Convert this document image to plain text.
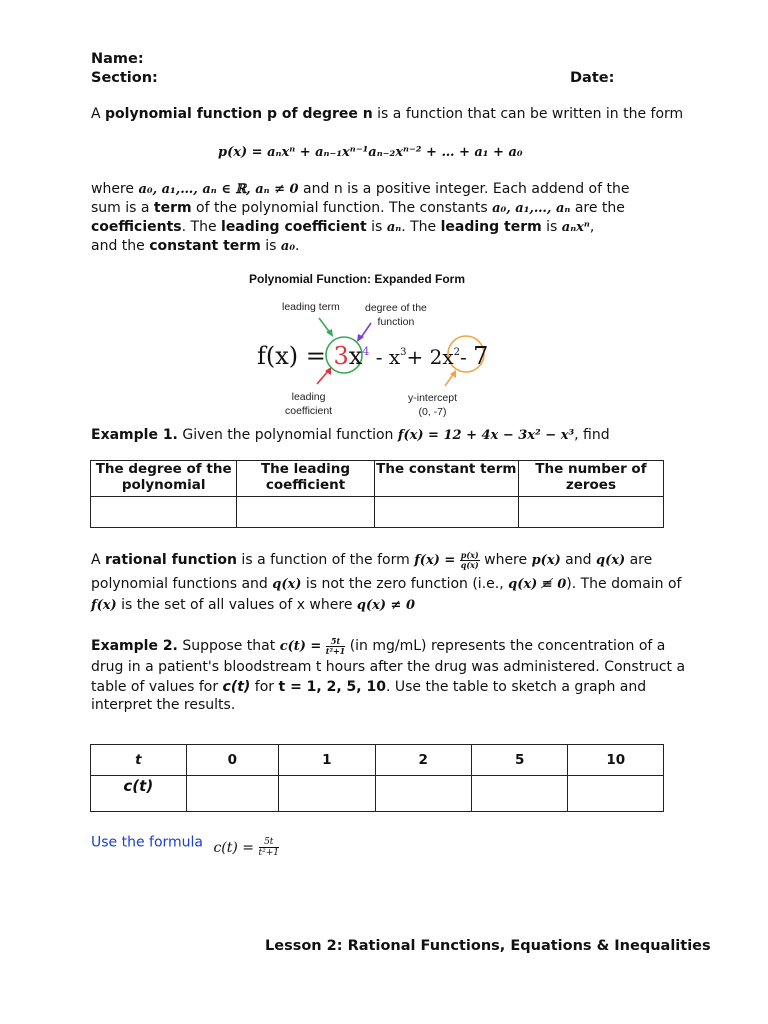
Name:
Section:	Date:
A polynomial function p of degree n is a function that can be written in the form
p(x) = aₙxⁿ + aₙ₋₁xⁿ⁻¹aₙ₋₂xⁿ⁻² + … + a₁ + a₀
where a₀, a₁,…, aₙ ∈ ℝ, aₙ ≠ 0 and n is a positive integer. Each addend of the
sum is a term of the polynomial function. The constants a₀, a₁,…, aₙ are the
coefficients. The leading coefficient is aₙ. The leading term is aₙxⁿ,
and the constant term is a₀.
Polynomial Function: Expanded Form
leading term degree of the
function
$f(x) = 3x^4 - x^3+ 2x^2-$ 7
leading
coefficient
y-intercept
(0, -7)
Example 1. Given the polynomial function f(x) = 12 + 4x − 3x² − x³, find
The degree of the polynomial	The leading coefficient	The constant term	The number of zeroes

A rational function is a function of the form $f(x) = \frac{p(x)}{q(x)}$ where p(x) and q(x) are
polynomial functions and q(x) is not the zero function (i.e., q(x) ≢ 0). The domain of
f(x) is the set of all values of x where q(x) ≠ 0
Example 2. Suppose that $c(t) = \frac{5t}{\text{t²+1}} (in$ mg/mL) represents the concentration of a
drug in a patient's bloodstream t hours after the drug was administered. Construct a
table of values for c(t) for t = 1, 2, 5, 10. Use the table to sketch a graph and
interpret the results.
t	0	1	2	5	10
c(t)					
Use the formula $c(t) = \frac{5t}{\text{t²+1}}$
Lesson 2: Rational Functions, Equations & Inequalities
